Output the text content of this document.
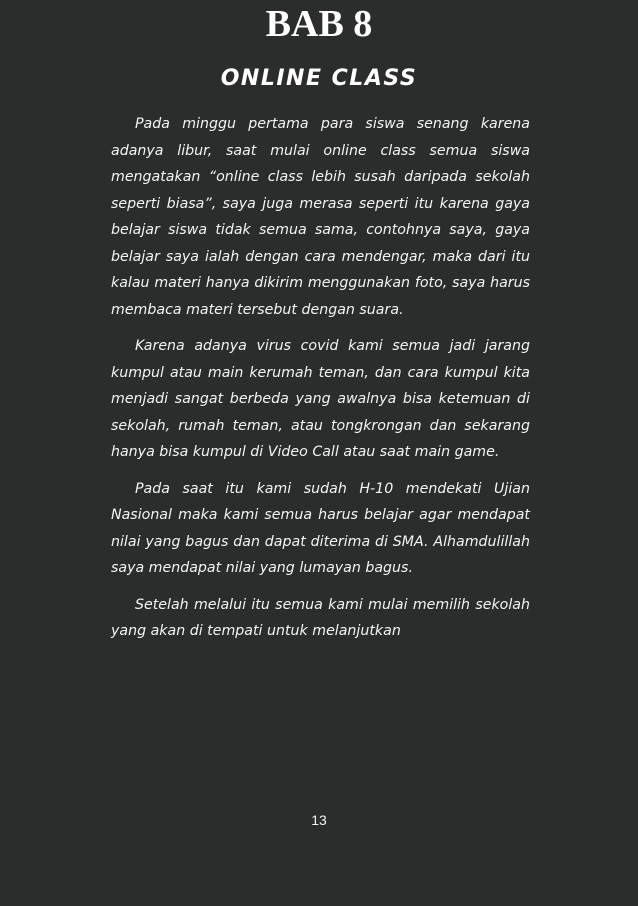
BAB 8
ONLINE CLASS

Pada minggu pertama para siswa senang karena adanya libur, saat mulai online class semua siswa mengatakan “online class lebih susah daripada sekolah seperti biasa”, saya juga merasa seperti itu karena gaya belajar siswa tidak semua sama, contohnya saya, gaya belajar saya ialah dengan cara mendengar, maka dari itu kalau materi hanya dikirim menggunakan foto, saya harus membaca materi tersebut dengan suara.

Karena adanya virus covid kami semua jadi jarang kumpul atau main kerumah teman, dan cara kumpul kita menjadi sangat berbeda yang awalnya bisa ketemuan di sekolah, rumah teman, atau tongkrongan dan sekarang hanya bisa kumpul di Video Call atau saat main game.

Pada saat itu kami sudah H-10 mendekati Ujian Nasional maka kami semua harus belajar agar mendapat nilai yang bagus dan dapat diterima di SMA. Alhamdulillah saya mendapat nilai yang lumayan bagus.

Setelah melalui itu semua kami mulai memilih sekolah yang akan di tempati untuk melanjutkan

13
